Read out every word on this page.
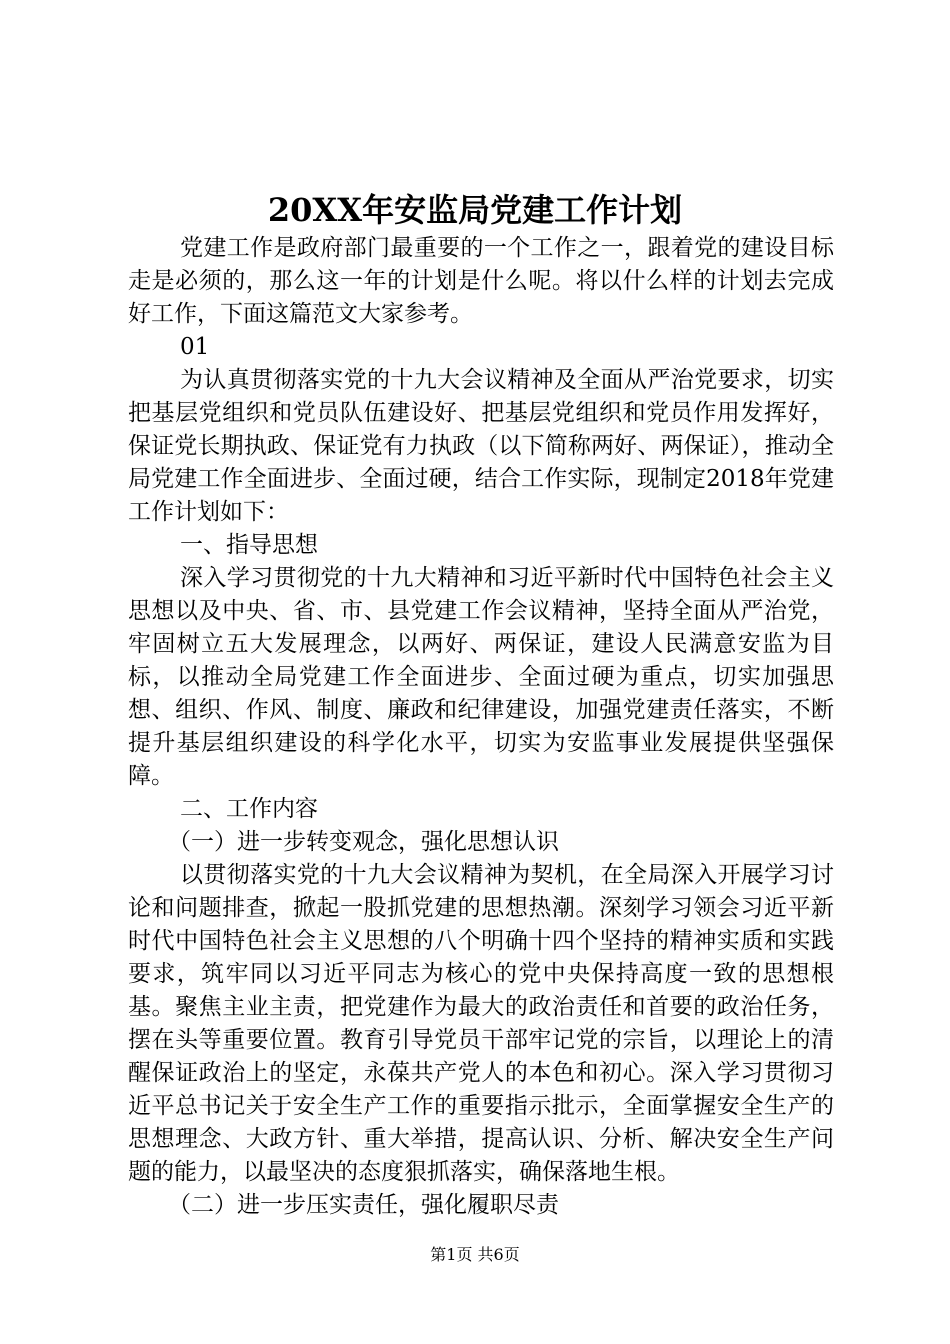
20XX年安监局党建工作计划

党建工作是政府部门最重要的一个工作之一，跟着党的建设目标走是必须的，那么这一年的计划是什么呢。将以什么样的计划去完成好工作，下面这篇范文大家参考。

01

为认真贯彻落实党的十九大会议精神及全面从严治党要求，切实把基层党组织和党员队伍建设好、把基层党组织和党员作用发挥好，保证党长期执政、保证党有力执政（以下简称两好、两保证），推动全局党建工作全面进步、全面过硬，结合工作实际，现制定2018年党建工作计划如下：

一、指导思想

深入学习贯彻党的十九大精神和习近平新时代中国特色社会主义思想以及中央、省、市、县党建工作会议精神，坚持全面从严治党，牢固树立五大发展理念，以两好、两保证，建设人民满意安监为目标，以推动全局党建工作全面进步、全面过硬为重点，切实加强思想、组织、作风、制度、廉政和纪律建设，加强党建责任落实，不断提升基层组织建设的科学化水平，切实为安监事业发展提供坚强保障。

二、工作内容

（一）进一步转变观念，强化思想认识

以贯彻落实党的十九大会议精神为契机，在全局深入开展学习讨论和问题排查，掀起一股抓党建的思想热潮。深刻学习领会习近平新时代中国特色社会主义思想的八个明确十四个坚持的精神实质和实践要求，筑牢同以习近平同志为核心的党中央保持高度一致的思想根基。聚焦主业主责，把党建作为最大的政治责任和首要的政治任务，摆在头等重要位置。教育引导党员干部牢记党的宗旨，以理论上的清醒保证政治上的坚定，永葆共产党人的本色和初心。深入学习贯彻习近平总书记关于安全生产工作的重要指示批示，全面掌握安全生产的思想理念、大政方针、重大举措，提高认识、分析、解决安全生产问题的能力，以最坚决的态度狠抓落实，确保落地生根。

（二）进一步压实责任，强化履职尽责

第1页 共6页
